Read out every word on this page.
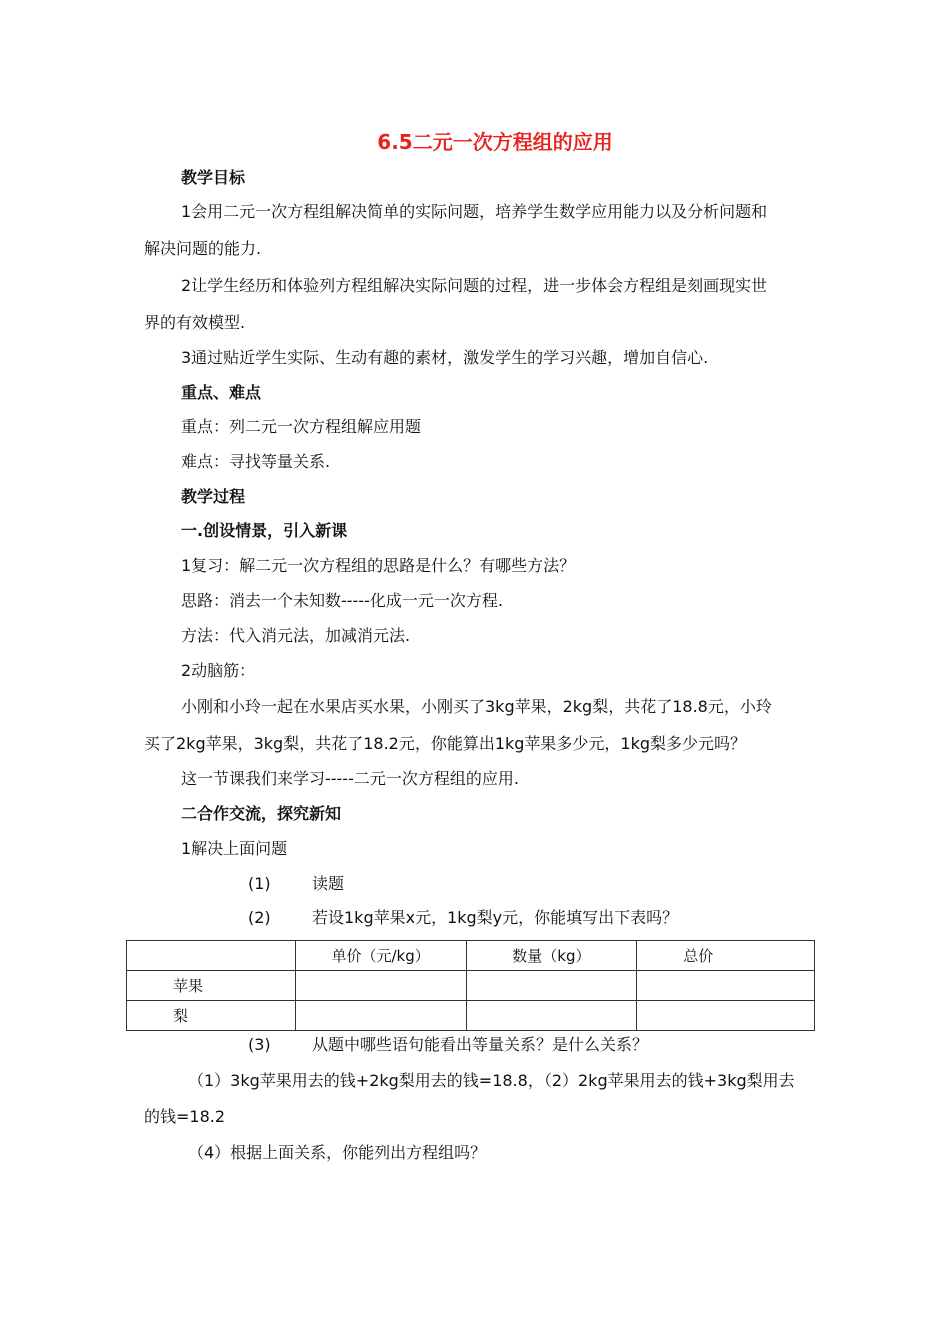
6.5二元一次方程组的应用
教学目标
1会用二元一次方程组解决简单的实际问题，培养学生数学应用能力以及分析问题和
解决问题的能力.
2让学生经历和体验列方程组解决实际问题的过程，进一步体会方程组是刻画现实世
界的有效模型.
3通过贴近学生实际、生动有趣的素材，激发学生的学习兴趣，增加自信心.
重点、难点
重点：列二元一次方程组解应用题
难点：寻找等量关系.
教学过程
一.创设情景，引入新课
1复习：解二元一次方程组的思路是什么？有哪些方法？
思路：消去一个未知数-----化成一元一次方程.
方法：代入消元法，加减消元法.
2动脑筋：
小刚和小玲一起在水果店买水果，小刚买了3kg苹果，2kg梨，共花了18.8元，小玲
买了2kg苹果，3kg梨，共花了18.2元，你能算出1kg苹果多少元，1kg梨多少元吗？
这一节课我们来学习-----二元一次方程组的应用.
二合作交流，探究新知
1解决上面问题
(1)	读题
(2)	若设1kg苹果x元，1kg梨y元，你能填写出下表吗？
	单价（元/kg）	数量（kg）	总价
苹果			
梨			
(3)	从题中哪些语句能看出等量关系？是什么关系？
（1）3kg苹果用去的钱+2kg梨用去的钱=18.8，（2）2kg苹果用去的钱+3kg梨用去
的钱=18.2
（4）根据上面关系，你能列出方程组吗？
